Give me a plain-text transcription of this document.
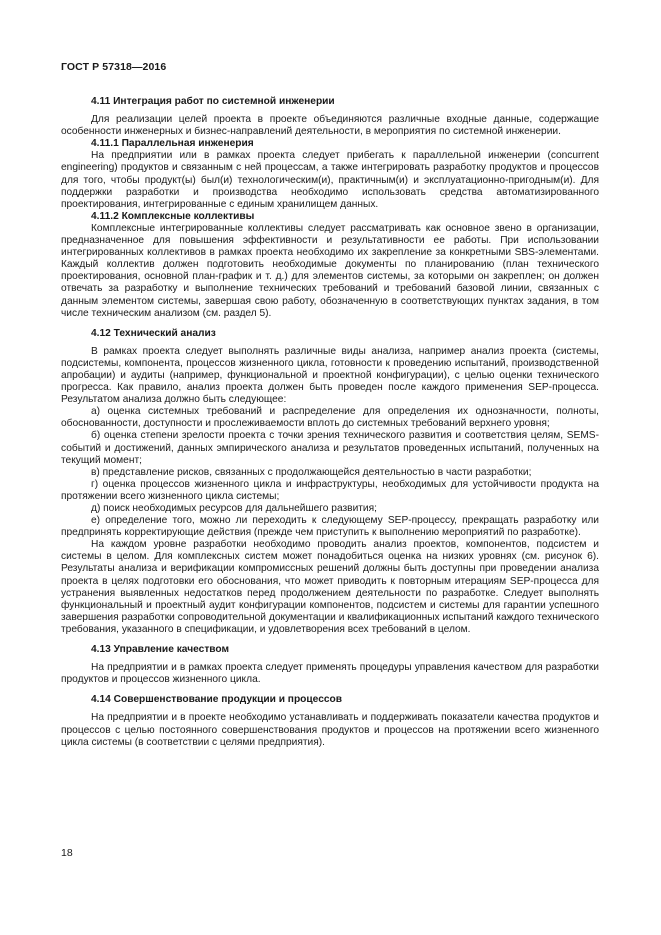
ГОСТ Р 57318—2016
4.11 Интеграция работ по системной инженерии
Для реализации целей проекта в проекте объединяются различные входные данные, содержащие особенности инженерных и бизнес-направлений деятельности, в мероприятия по системной инженерии.
4.11.1 Параллельная инженерия
На предприятии или в рамках проекта следует прибегать к параллельной инженерии (concurrent engineering) продуктов и связанным с ней процессам, а также интегрировать разработку продуктов и процессов для того, чтобы продукт(ы) был(и) технологическим(и), практичным(и) и эксплуатационно-пригодным(и). Для поддержки разработки и производства необходимо использовать средства автоматизированного проектирования, интегрированные с единым хранилищем данных.
4.11.2 Комплексные коллективы
Комплексные интегрированные коллективы следует рассматривать как основное звено в организации, предназначенное для повышения эффективности и результативности ее работы. При использовании интегрированных коллективов в рамках проекта необходимо их закрепление за конкретными SBS-элементами. Каждый коллектив должен подготовить необходимые документы по планированию (план технического проектирования, основной план-график и т. д.) для элементов системы, за которыми он закреплен; он должен отвечать за разработку и выполнение технических требований и требований базовой линии, связанных с данным элементом системы, завершая свою работу, обозначенную в соответствующих пунктах задания, в том числе техническим анализом (см. раздел 5).
4.12 Технический анализ
В рамках проекта следует выполнять различные виды анализа, например анализ проекта (системы, подсистемы, компонента, процессов жизненного цикла, готовности к проведению испытаний, производственной апробации) и аудиты (например, функциональной и проектной конфигурации), с целью оценки технического прогресса. Как правило, анализ проекта должен быть проведен после каждого применения SEP-процесса. Результатом анализа должно быть следующее:
а) оценка системных требований и распределение для определения их однозначности, полноты, обоснованности, доступности и прослеживаемости вплоть до системных требований верхнего уровня;
б) оценка степени зрелости проекта с точки зрения технического развития и соответствия целям, SEMS-событий и достижений, данных эмпирического анализа и результатов проведенных испытаний, полученных на текущий момент;
в) представление рисков, связанных с продолжающейся деятельностью в части разработки;
г) оценка процессов жизненного цикла и инфраструктуры, необходимых для устойчивости продукта на протяжении всего жизненного цикла системы;
д) поиск необходимых ресурсов для дальнейшего развития;
е) определение того, можно ли переходить к следующему SEP-процессу, прекращать разработку или предпринять корректирующие действия (прежде чем приступить к выполнению мероприятий по разработке).
На каждом уровне разработки необходимо проводить анализ проектов, компонентов, подсистем и системы в целом. Для комплексных систем может понадобиться оценка на низких уровнях (см. рисунок 6). Результаты анализа и верификации компромиссных решений должны быть доступны при проведении анализа проекта в целях подготовки его обоснования, что может приводить к повторным итерациям SEP-процесса для устранения выявленных недостатков перед продолжением деятельности по разработке. Следует выполнять функциональный и проектный аудит конфигурации компонентов, подсистем и системы для гарантии успешного завершения разработки сопроводительной документации и квалификационных испытаний каждого технического требования, указанного в спецификации, и удовлетворения всех требований в целом.
4.13 Управление качеством
На предприятии и в рамках проекта следует применять процедуры управления качеством для разработки продуктов и процессов жизненного цикла.
4.14 Совершенствование продукции и процессов
На предприятии и в проекте необходимо устанавливать и поддерживать показатели качества продуктов и процессов с целью постоянного совершенствования продуктов и процессов на протяжении всего жизненного цикла системы (в соответствии с целями предприятия).
18
